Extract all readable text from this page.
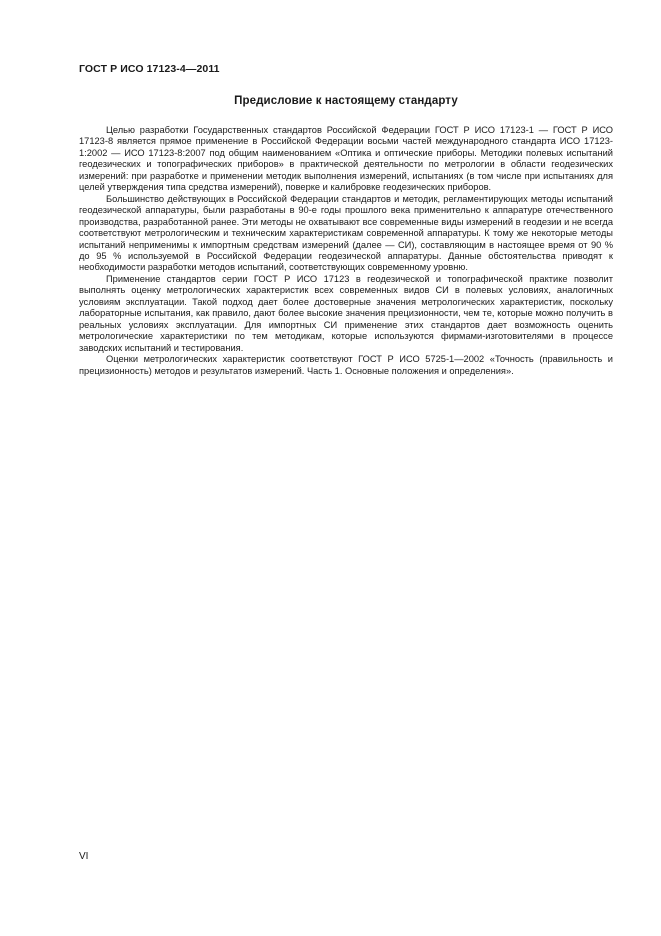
ГОСТ Р ИСО 17123-4—2011
Предисловие к настоящему стандарту

Целью разработки Государственных стандартов Российской Федерации ГОСТ Р ИСО 17123-1 — ГОСТ Р ИСО 17123-8 является прямое применение в Российской Федерации восьми частей международного стандарта ИСО 17123-1:2002 — ИСО 17123-8:2007 под общим наименованием «Оптика и оптические приборы. Методики полевых испытаний геодезических и топографических приборов» в практической деятельности по метрологии в области геодезических измерений: при разработке и применении методик выполнения измерений, испытаниях (в том числе при испытаниях для целей утверждения типа средства измерений), поверке и калибровке геодезических приборов.

Большинство действующих в Российской Федерации стандартов и методик, регламентирующих методы испытаний геодезической аппаратуры, были разработаны в 90-е годы прошлого века применительно к аппаратуре отечественного производства, разработанной ранее. Эти методы не охватывают все современные виды измерений в геодезии и не всегда соответствуют метрологическим и техническим характеристикам современной аппаратуры. К тому же некоторые методы испытаний неприменимы к импортным средствам измерений (далее — СИ), составляющим в настоящее время от 90 % до 95 % используемой в Российской Федерации геодезической аппаратуры. Данные обстоятельства приводят к необходимости разработки методов испытаний, соответствующих современному уровню.

Применение стандартов серии ГОСТ Р ИСО 17123 в геодезической и топографической практике позволит выполнять оценку метрологических характеристик всех современных видов СИ в полевых условиях, аналогичных условиям эксплуатации. Такой подход дает более достоверные значения метрологических характеристик, поскольку лабораторные испытания, как правило, дают более высокие значения прецизионности, чем те, которые можно получить в реальных условиях эксплуатации. Для импортных СИ применение этих стандартов дает возможность оценить метрологические характеристики по тем методикам, которые используются фирмами-изготовителями в процессе заводских испытаний и тестирования.

Оценки метрологических характеристик соответствуют ГОСТ Р ИСО 5725-1—2002 «Точность (правильность и прецизионность) методов и результатов измерений. Часть 1. Основные положения и определения».

VI
